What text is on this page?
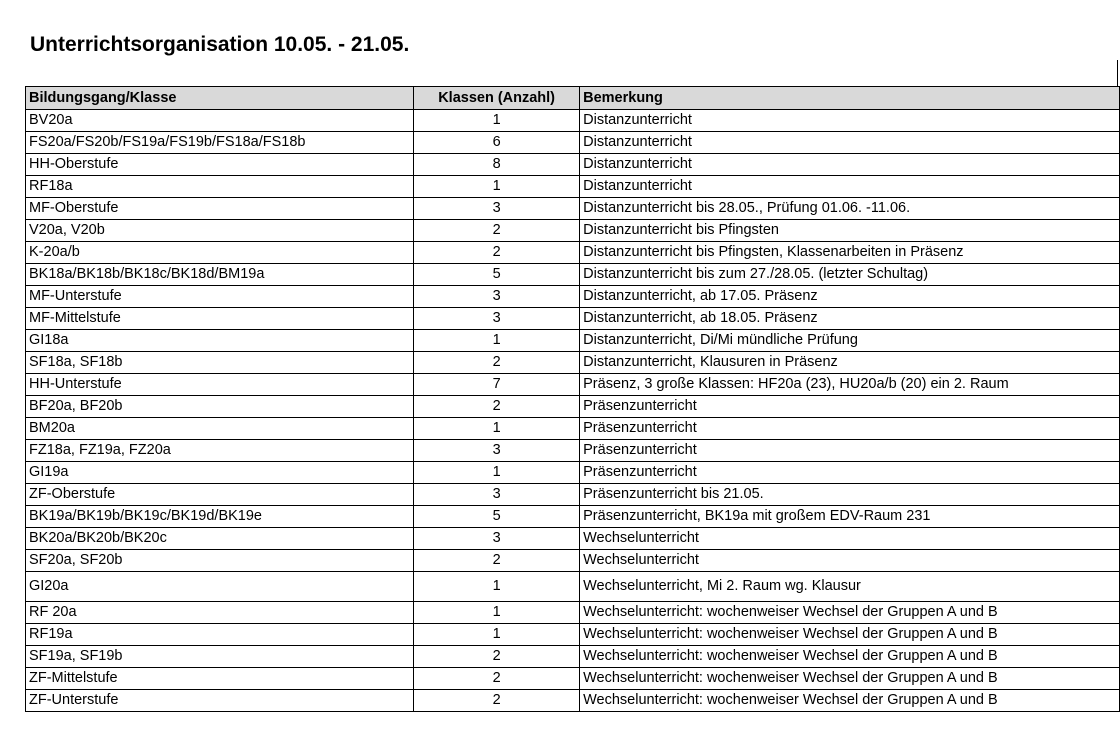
Unterrichtsorganisation 10.05. - 21.05.
Bildungsgang/Klasse	Klassen (Anzahl)	Bemerkung
BV20a	1	Distanzunterricht
FS20a/FS20b/FS19a/FS19b/FS18a/FS18b	6	Distanzunterricht
HH-Oberstufe	8	Distanzunterricht
RF18a	1	Distanzunterricht
MF-Oberstufe	3	Distanzunterricht bis 28.05., Prüfung 01.06. -11.06.
V20a, V20b	2	Distanzunterricht bis Pfingsten
K-20a/b	2	Distanzunterricht bis Pfingsten, Klassenarbeiten in Präsenz
BK18a/BK18b/BK18c/BK18d/BM19a	5	Distanzunterricht bis zum 27./28.05. (letzter Schultag)
MF-Unterstufe	3	Distanzunterricht, ab 17.05. Präsenz
MF-Mittelstufe	3	Distanzunterricht, ab 18.05. Präsenz
GI18a	1	Distanzunterricht, Di/Mi mündliche Prüfung
SF18a, SF18b	2	Distanzunterricht, Klausuren in Präsenz
HH-Unterstufe	7	Präsenz, 3 große Klassen: HF20a (23), HU20a/b (20) ein 2. Raum
BF20a, BF20b	2	Präsenzunterricht
BM20a	1	Präsenzunterricht
FZ18a, FZ19a, FZ20a	3	Präsenzunterricht
GI19a	1	Präsenzunterricht
ZF-Oberstufe	3	Präsenzunterricht bis 21.05.
BK19a/BK19b/BK19c/BK19d/BK19e	5	Präsenzunterricht, BK19a mit großem EDV-Raum 231
BK20a/BK20b/BK20c	3	Wechselunterricht
SF20a, SF20b	2	Wechselunterricht
GI20a	1	Wechselunterricht, Mi 2. Raum wg. Klausur
RF 20a	1	Wechselunterricht: wochenweiser Wechsel der Gruppen A und B
RF19a	1	Wechselunterricht: wochenweiser Wechsel der Gruppen A und B
SF19a, SF19b	2	Wechselunterricht: wochenweiser Wechsel der Gruppen A und B
ZF-Mittelstufe	2	Wechselunterricht: wochenweiser Wechsel der Gruppen A und B
ZF-Unterstufe	2	Wechselunterricht: wochenweiser Wechsel der Gruppen A und B
